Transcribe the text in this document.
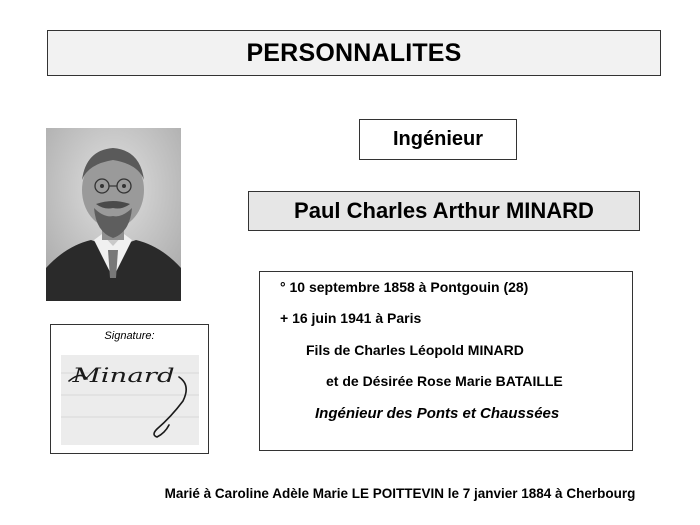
PERSONNALITES
Ingénieur
Paul Charles Arthur MINARD
° 10 septembre 1858 à Pontgouin (28)
+ 16 juin 1941 à Paris
Fils de Charles Léopold MINARD
et de Désirée Rose Marie BATAILLE
Ingénieur des Ponts et Chaussées
Signature:
Minard
Marié à Caroline Adèle Marie LE POITTEVIN le 7 janvier 1884 à Cherbourg
